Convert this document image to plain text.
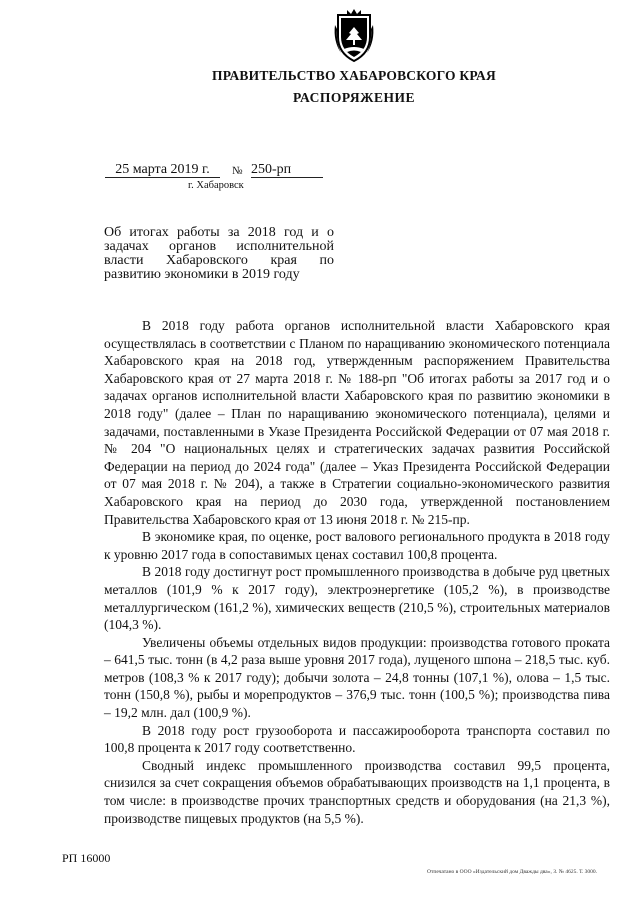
ПРАВИТЕЛЬСТВО ХАБАРОВСКОГО КРАЯ
РАСПОРЯЖЕНИЕ
25 марта 2019 г.	№ 250-рп
г. Хабаровск
Об итогах работы за 2018 год и о задачах органов исполнительной власти Хабаровского края по развитию экономики в 2019 году

В 2018 году работа органов исполнительной власти Хабаровского края осуществлялась в соответствии с Планом по наращиванию экономического потенциала Хабаровского края на 2018 год, утвержденным распоряжением Правительства Хабаровского края от 27 марта 2018 г. № 188-рп "Об итогах работы за 2017 год и о задачах органов исполнительной власти Хабаровского края по развитию экономики в 2018 году" (далее – План по наращиванию экономического потенциала), целями и задачами, поставленными в Указе Президента Российской Федерации от 07 мая 2018 г. № 204 "О национальных целях и стратегических задачах развития Российской Федерации на период до 2024 года" (далее – Указ Президента Российской Федерации от 07 мая 2018 г. № 204), а также в Стратегии социально-экономического развития Хабаровского края на период до 2030 года, утвержденной постановлением Правительства Хабаровского края от 13 июня 2018 г. № 215-пр.

В экономике края, по оценке, рост валового регионального продукта в 2018 году к уровню 2017 года в сопоставимых ценах составил 100,8 процента.

В 2018 году достигнут рост промышленного производства в добыче руд цветных металлов (101,9 % к 2017 году), электроэнергетике (105,2 %), в производстве металлургическом (161,2 %), химических веществ (210,5 %), строительных материалов (104,3 %).

Увеличены объемы отдельных видов продукции: производства готового проката – 641,5 тыс. тонн (в 4,2 раза выше уровня 2017 года), лущеного шпона – 218,5 тыс. куб. метров (108,3 % к 2017 году); добычи золота – 24,8 тонны (107,1 %), олова – 1,5 тыс. тонн (150,8 %), рыбы и морепродуктов – 376,9 тыс. тонн (100,5 %); производства пива – 19,2 млн. дал (100,9 %).

В 2018 году рост грузооборота и пассажирооборота транспорта составил по 100,8 процента к 2017 году соответственно.

Сводный индекс промышленного производства составил 99,5 процента, снизился за счет сокращения объемов обрабатывающих производств на 1,1 процента, в том числе: в производстве прочих транспортных средств и оборудования (на 21,3 %), производстве пищевых продуктов (на 5,5 %).

РП 16000
Отпечатано в ООО «Издательский дом Дважды два», З. № 4625. Т. 3000.
